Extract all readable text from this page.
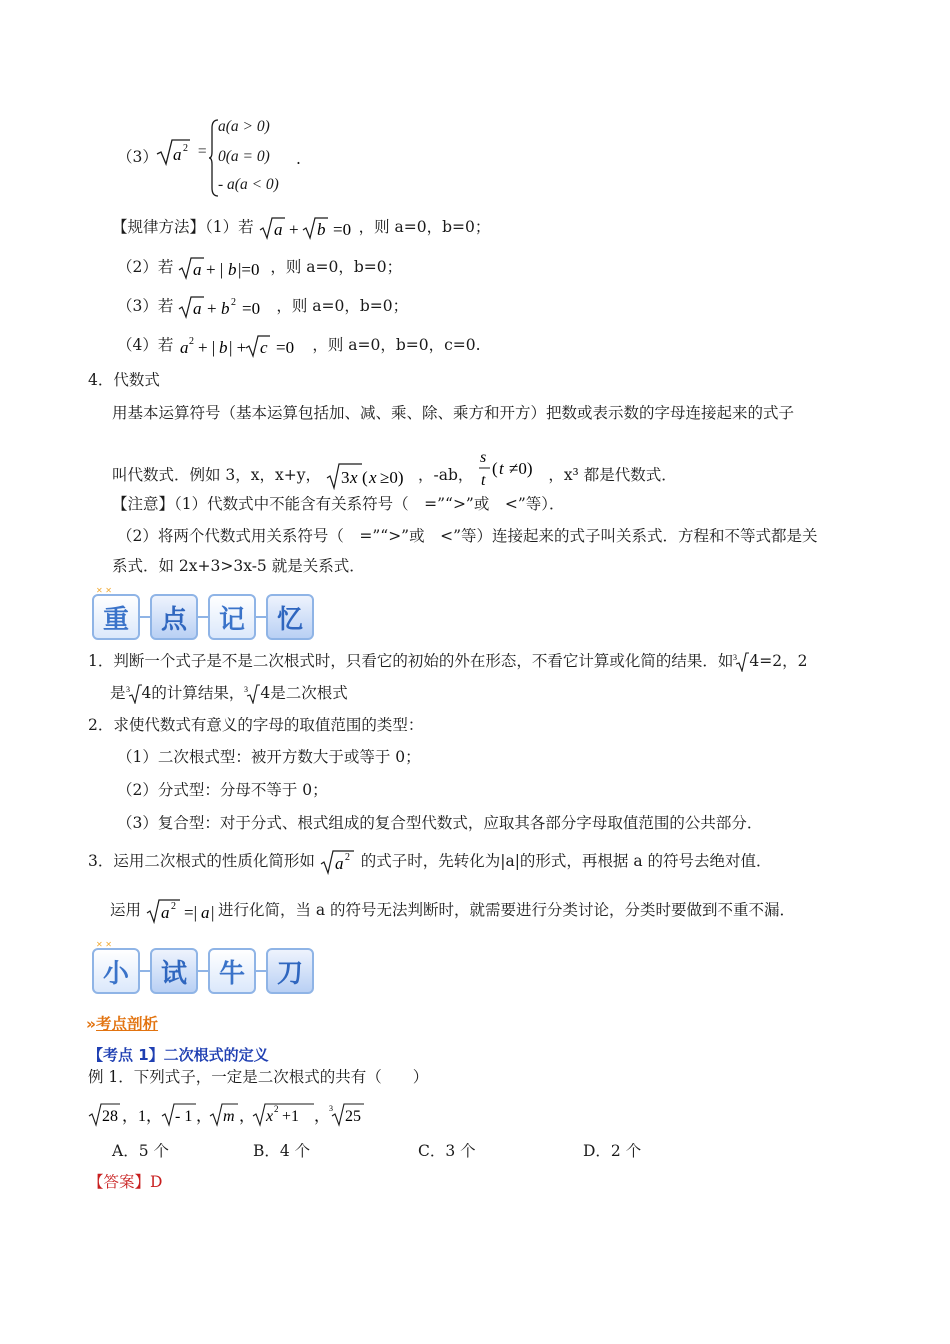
（3） a 2 =
a(a > 0)
0(a = 0)
- a(a < 0)
.
【规律方法】（1）若 a + b =0 ，则 a=0，b=0；
（2）若 a + | b |=0 ，则 a=0，b=0；
（3）若 a + b 2 =0 ，则 a=0，b=0；
（4）若 a 2 + | b | + c =0 ，则 a=0，b=0，c=0.
4．代数式
用基本运算符号（基本运算包括加、减、乘、除、乘方和开方）把数或表示数的字母连接起来的式子
叫代数式．例如 3，x，x+y， 3 x ( x ≥0) ，-ab，
s
t
( t ≠0) ，x³ 都是代数式．
【注意】（1）代数式中不能含有关系符号（　=”“>”或　<”等）．
（2）将两个代数式用关系符号（　=”“>”或　<”等）连接起来的式子叫关系式．方程和不等式都是关
系式．如 2x+3>3x-5 就是关系式．
重	点	记	忆
✕ ✕
1．判断一个式子是不是二次根式时，只看它的初始的外在形态，不看它计算或化简的结果．如 3 4=2，2
是 3 4的计算结果， 3 4是二次根式
2．求使代数式有意义的字母的取值范围的类型：
（1）二次根式型：被开方数大于或等于 0；
（2）分式型：分母不等于 0；
（3）复合型：对于分式、根式组成的复合型代数式，应取其各部分字母取值范围的公共部分．
3．运用二次根式的性质化简形如 a 2 的式子时，先转化为|a|的形式，再根据 a 的符号去绝对值．
运用 a 2 =| a | 进行化简，当 a 的符号无法判断时，就需要进行分类讨论，分类时要做到不重不漏．
小	试	牛	刀
✕ ✕
»考点剖析
【考点 1】二次根式的定义
例 1．下列式子，一定是二次根式的共有（　　）
28 ，1， - 1 ， m ， x 2 +1 ，
3 25
A．5 个	B．4 个	C．3 个	D．2 个
【答案】D
